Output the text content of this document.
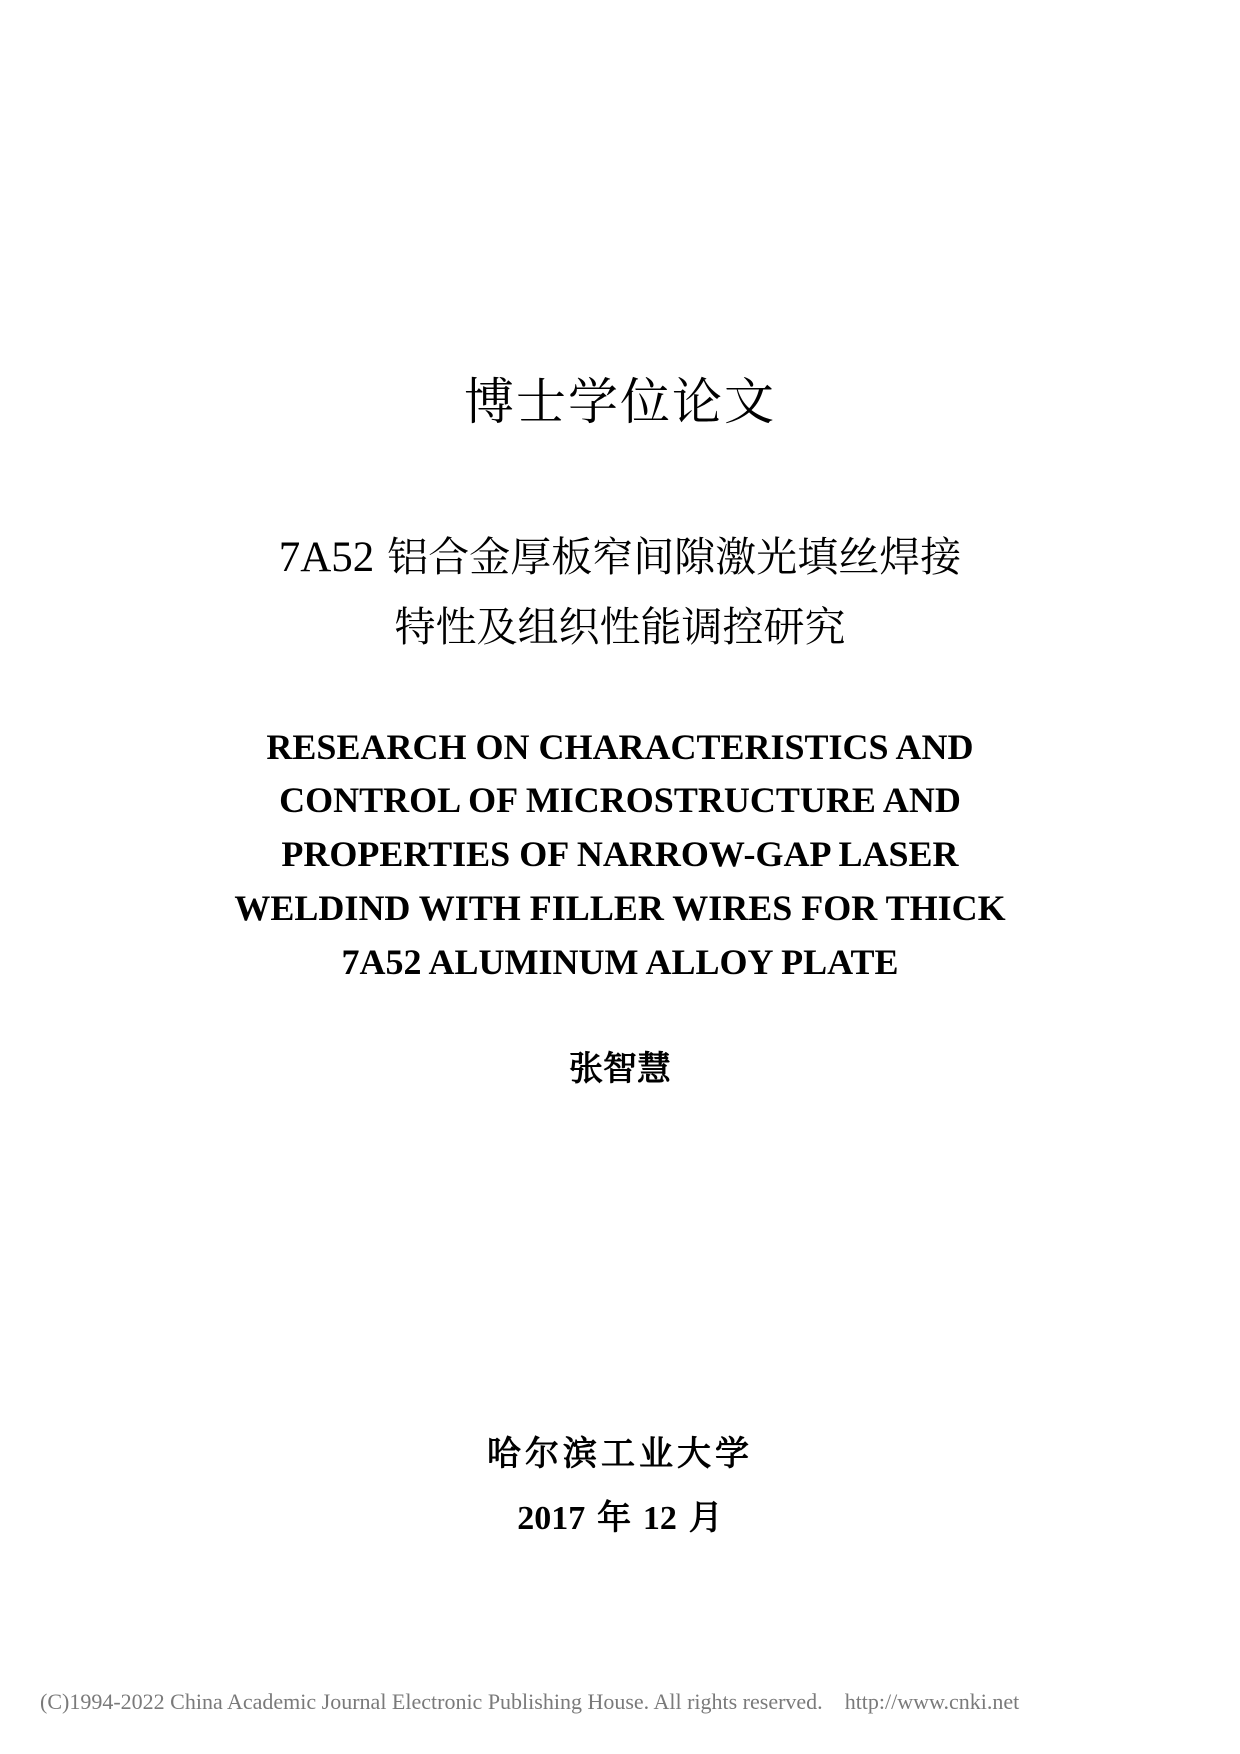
博士学位论文
7A52 铝合金厚板窄间隙激光填丝焊接
特性及组织性能调控研究
RESEARCH ON CHARACTERISTICS AND
CONTROL OF MICROSTRUCTURE AND
PROPERTIES OF NARROW-GAP LASER
WELDIND WITH FILLER WIRES FOR THICK
7A52 ALUMINUM ALLOY PLATE
张智慧
哈尔滨工业大学
2017 年 12 月
(C)1994-2022 China Academic Journal Electronic Publishing House. All rights reserved. http://www.cnki.net
